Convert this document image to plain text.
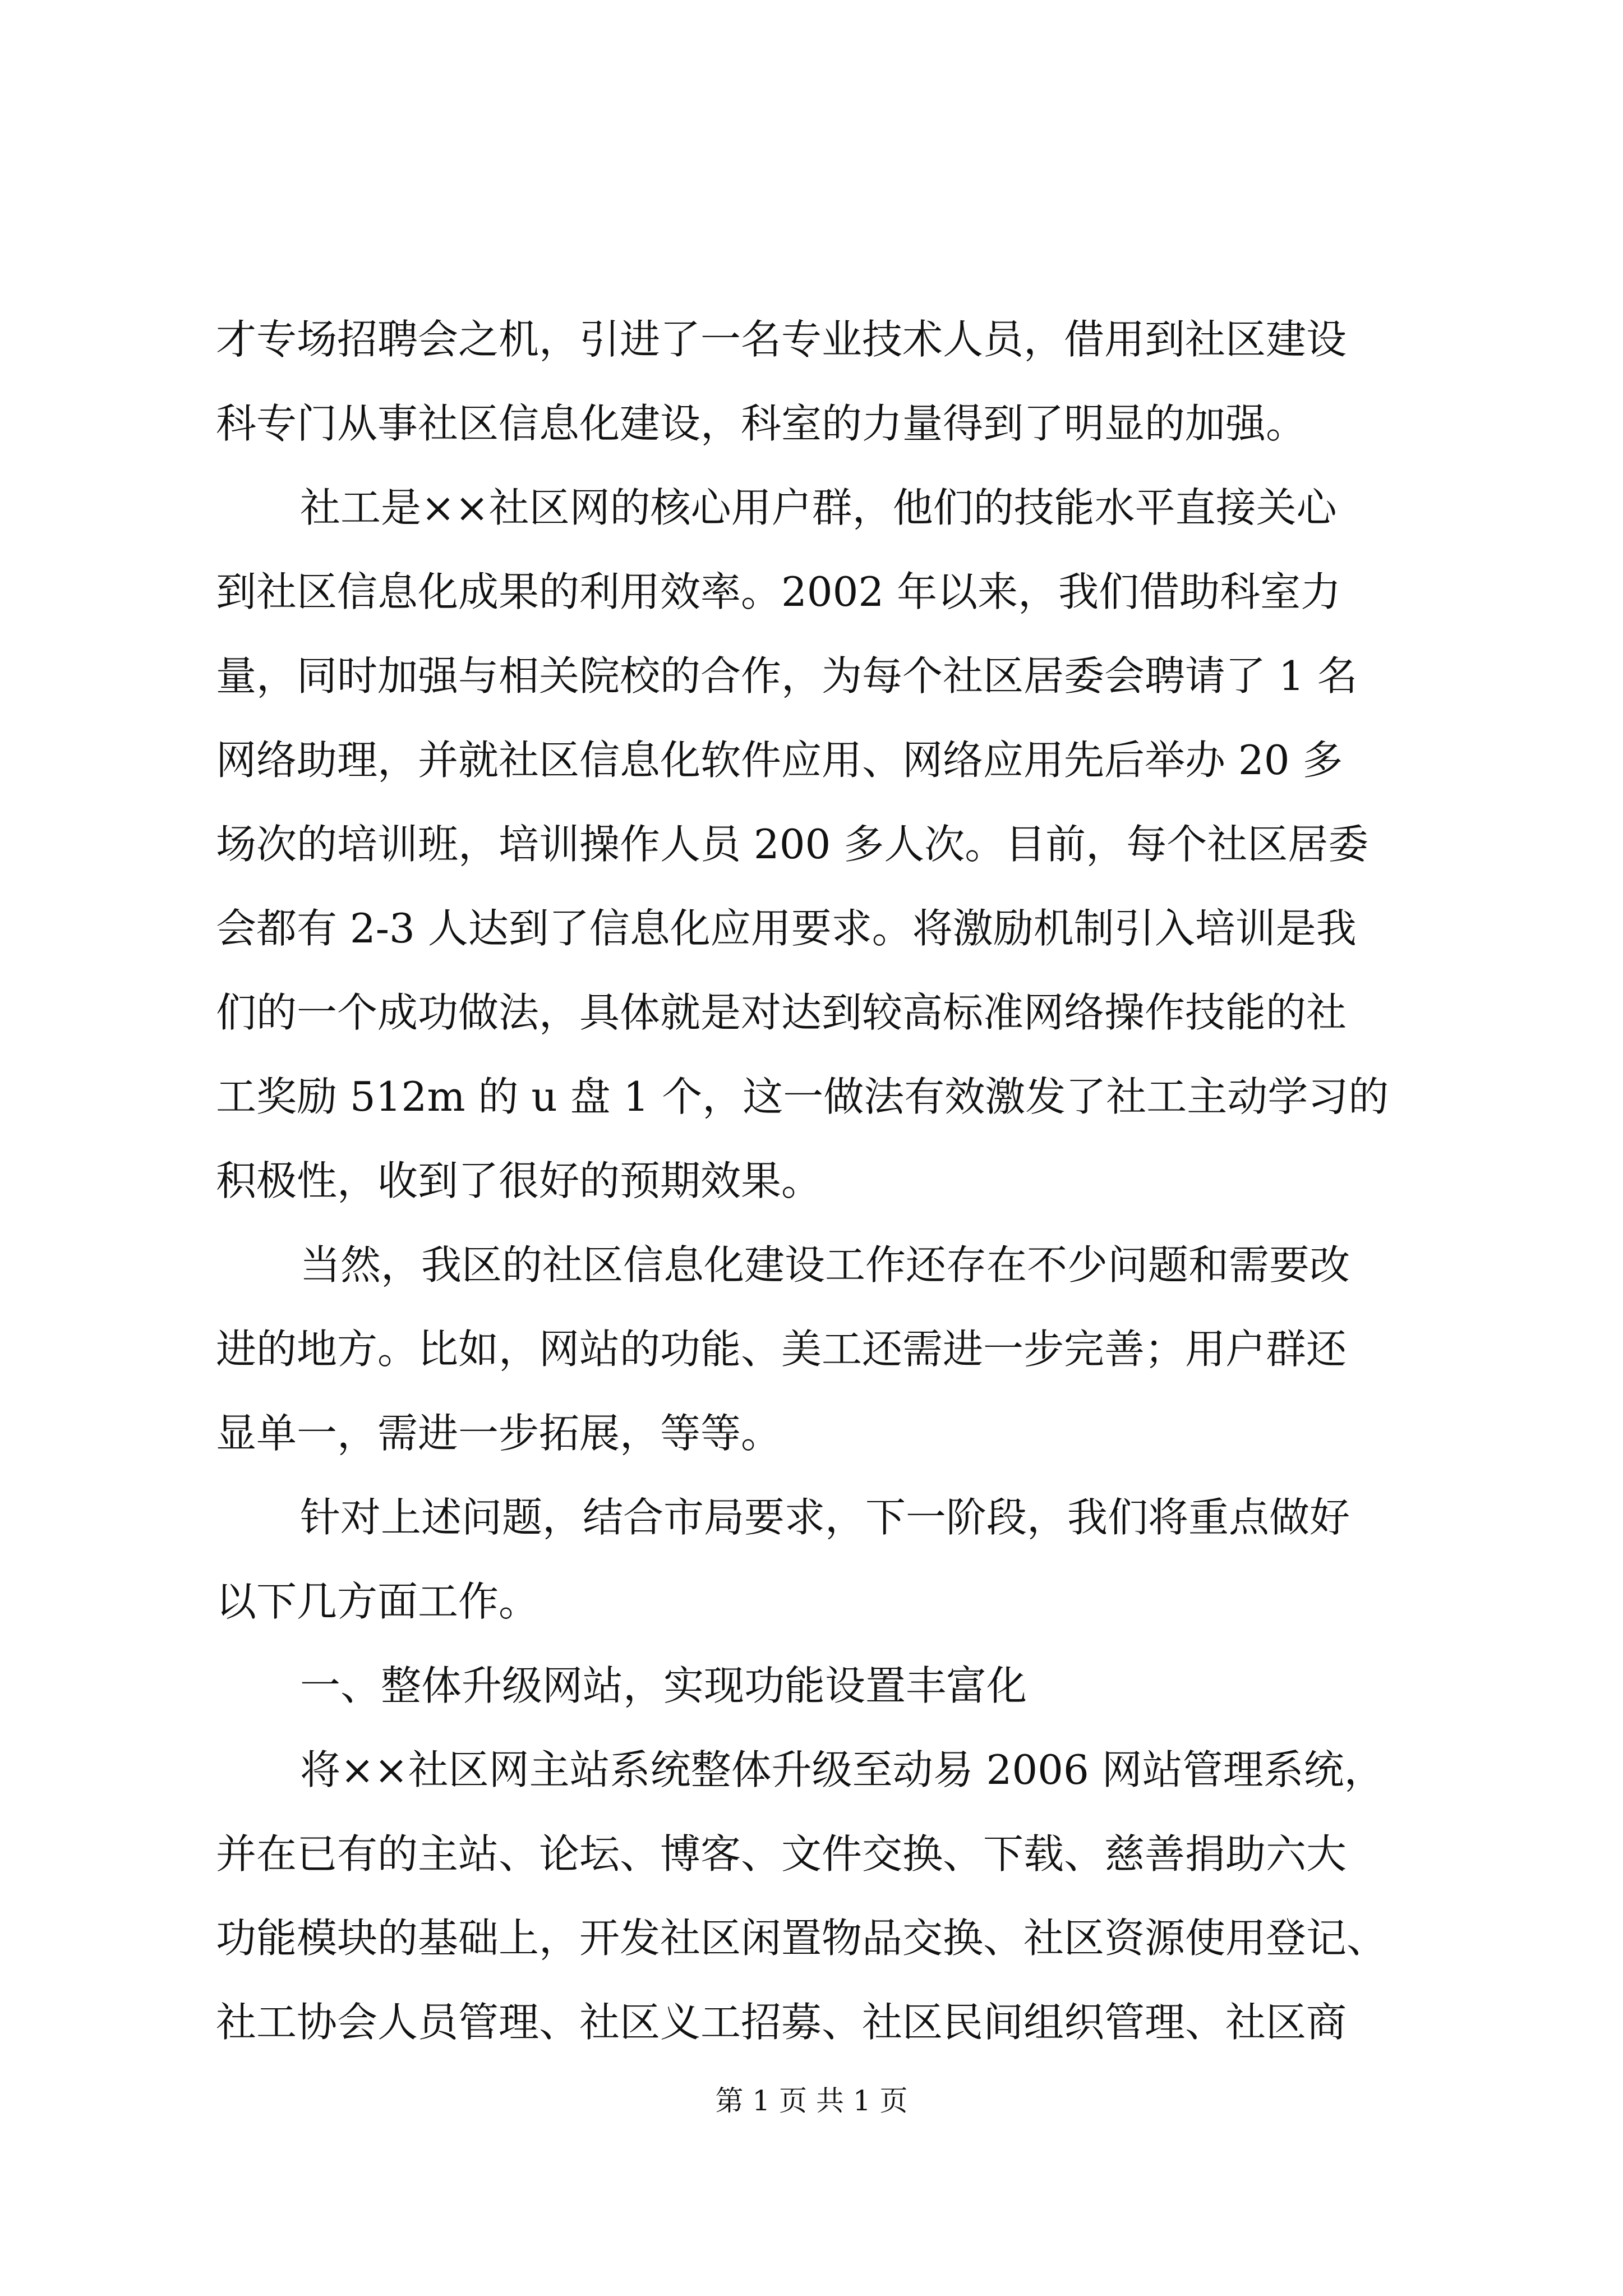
才专场招聘会之机，引进了一名专业技术人员，借用到社区建设
科专门从事社区信息化建设，科室的力量得到了明显的加强。
社工是××社区网的核心用户群，他们的技能水平直接关心
到社区信息化成果的利用效率。2002 年以来，我们借助科室力
量，同时加强与相关院校的合作，为每个社区居委会聘请了 1 名
网络助理，并就社区信息化软件应用、网络应用先后举办 20 多
场次的培训班，培训操作人员 200 多人次。目前，每个社区居委
会都有 2-3 人达到了信息化应用要求。将激励机制引入培训是我
们的一个成功做法，具体就是对达到较高标准网络操作技能的社
工奖励 512m 的 u 盘 1 个，这一做法有效激发了社工主动学习的
积极性，收到了很好的预期效果。
当然，我区的社区信息化建设工作还存在不少问题和需要改
进的地方。比如，网站的功能、美工还需进一步完善；用户群还
显单一，需进一步拓展，等等。
针对上述问题，结合市局要求，下一阶段，我们将重点做好
以下几方面工作。
一、整体升级网站，实现功能设置丰富化
将××社区网主站系统整体升级至动易 2006 网站管理系统，
并在已有的主站、论坛、博客、文件交换、下载、慈善捐助六大
功能模块的基础上，开发社区闲置物品交换、社区资源使用登记、
社工协会人员管理、社区义工招募、社区民间组织管理、社区商
第 1 页 共 1 页
